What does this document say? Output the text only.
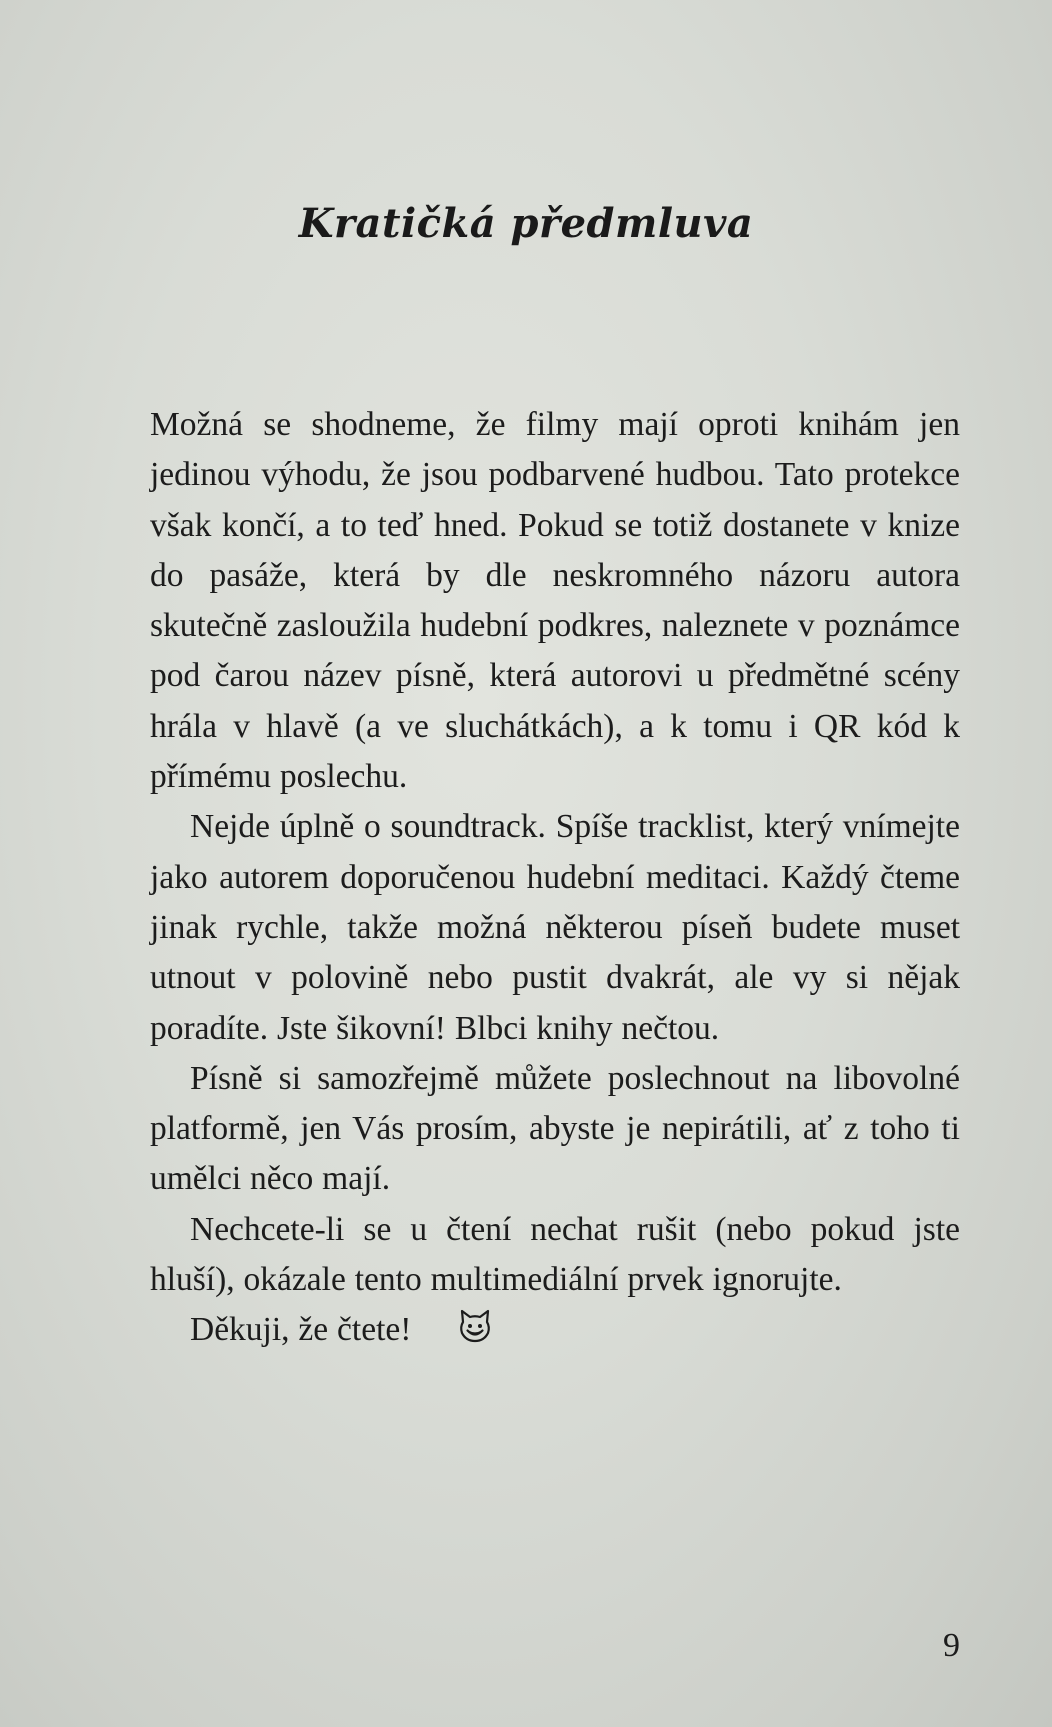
Kratičká předmluva

Možná se shodneme, že filmy mají oproti knihám jen jedinou výhodu, že jsou podbarvené hudbou. Tato protekce však končí, a to teď hned. Pokud se totiž dostanete v knize do pasáže, která by dle neskromného názoru autora skutečně zasloužila hudební podkres, naleznete v poznámce pod čarou název písně, která autorovi u předmětné scény hrála v hlavě (a ve sluchátkách), a k tomu i QR kód k přímému poslechu.

Nejde úplně o soundtrack. Spíše tracklist, který vnímejte jako autorem doporučenou hudební meditaci. Každý čteme jinak rychle, takže možná některou píseň budete muset utnout v polovině nebo pustit dvakrát, ale vy si nějak poradíte. Jste šikovní! Blbci knihy nečtou.

Písně si samozřejmě můžete poslechnout na libovolné platformě, jen Vás prosím, abyste je nepirátili, ať z toho ti umělci něco mají.

Nechcete-li se u čtení nechat rušit (nebo pokud jste hluší), okázale tento multimediální prvek ignorujte.

Děkuji, že čtete!

9
